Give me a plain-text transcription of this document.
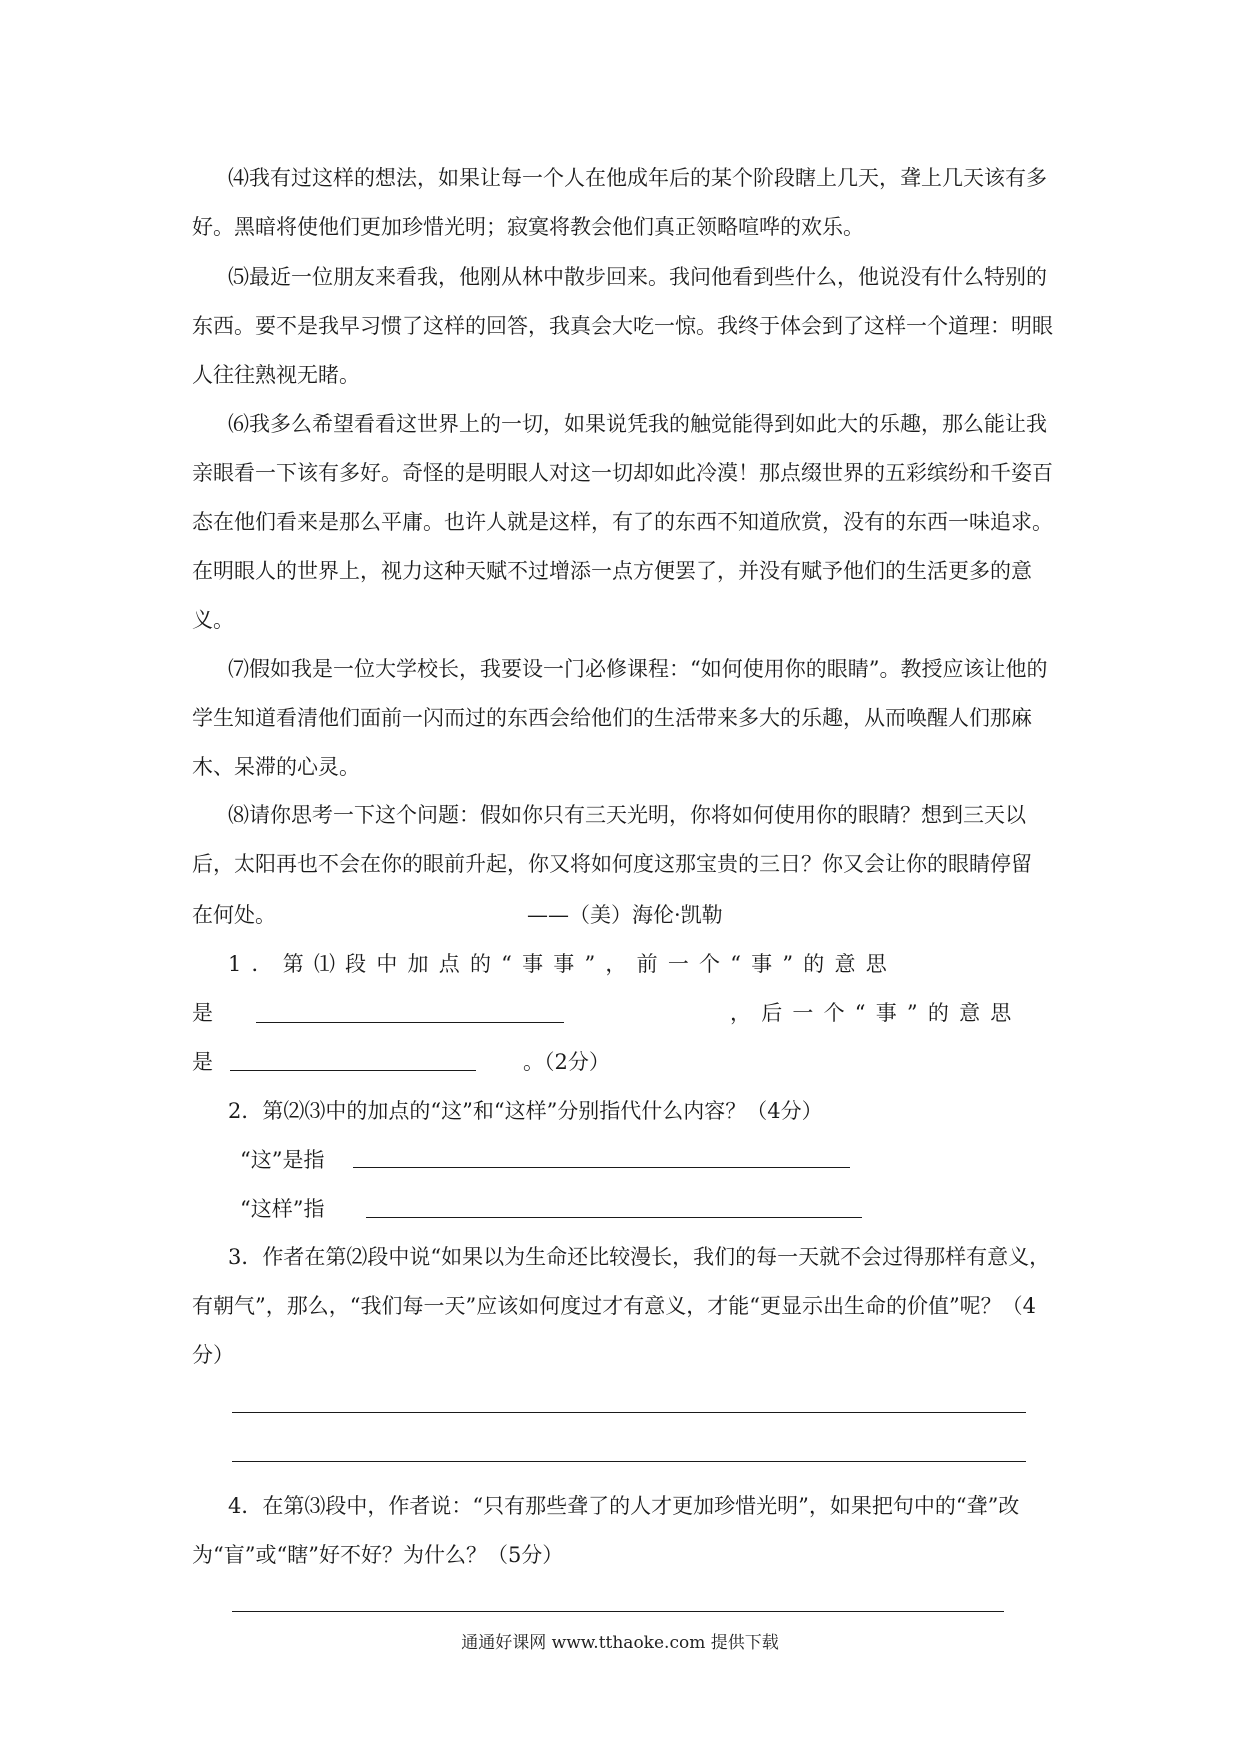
⑷我有过这样的想法，如果让每一个人在他成年后的某个阶段瞎上几天，聋上几天该有多好。黑暗将使他们更加珍惜光明；寂寞将教会他们真正领略喧哗的欢乐。

⑸最近一位朋友来看我，他刚从林中散步回来。我问他看到些什么，他说没有什么特别的东西。要不是我早习惯了这样的回答，我真会大吃一惊。我终于体会到了这样一个道理：明眼人往往熟视无睹。

⑹我多么希望看看这世界上的一切，如果说凭我的触觉能得到如此大的乐趣，那么能让我亲眼看一下该有多好。奇怪的是明眼人对这一切却如此冷漠！那点缀世界的五彩缤纷和千姿百态在他们看来是那么平庸。也许人就是这样，有了的东西不知道欣赏，没有的东西一味追求。在明眼人的世界上，视力这种天赋不过增添一点方便罢了，并没有赋予他们的生活更多的意义。

⑺假如我是一位大学校长，我要设一门必修课程：“如何使用你的眼睛”。教授应该让他的学生知道看清他们面前一闪而过的东西会给他们的生活带来多大的乐趣，从而唤醒人们那麻木、呆滞的心灵。

⑻请你思考一下这个问题：假如你只有三天光明，你将如何使用你的眼睛？想到三天以后，太阳再也不会在你的眼前升起，你又将如何度这那宝贵的三日？你又会让你的眼睛停留

在何处。	——（美）海伦·凯勒
1．第⑴段中加点的“事事”，前一个“事”的意思
是	，后一个“事”的意思
是	。（2分）
2．第⑵⑶中的加点的“这”和“这样”分别指代什么内容？（4分）
“这”是指
“这样”指

3．作者在第⑵段中说“如果以为生命还比较漫长，我们的每一天就不会过得那样有意义，有朝气”，那么，“我们每一天”应该如何度过才有意义，才能“更显示出生命的价值”呢？（4分）

4．在第⑶段中，作者说：“只有那些聋了的人才更加珍惜光明”，如果把句中的“聋”改为“盲”或“瞎”好不好？为什么？（5分）

通通好课网 www.tthaoke.com 提供下载
